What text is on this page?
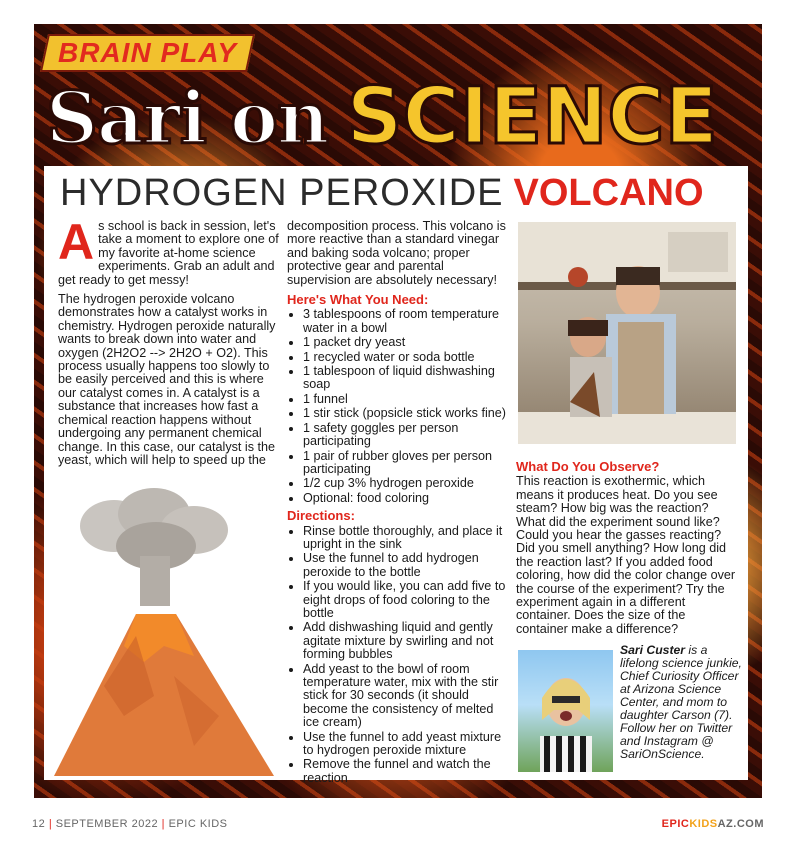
BRAIN PLAY
Sari on SCIENCE
HYDROGEN PEROXIDE VOLCANO

As school is back in session, let's take a moment to explore one of my favorite at-home science experiments. Grab an adult and get ready to get messy!

The hydrogen peroxide volcano demonstrates how a catalyst works in chemistry. Hydrogen peroxide naturally wants to break down into water and oxygen (2H2O2 --> 2H2O + O2). This process usually happens too slowly to be easily perceived and this is where our catalyst comes in. A catalyst is a substance that increases how fast a chemical reaction happens without undergoing any permanent chemical change. In this case, our catalyst is the yeast, which will help to speed up the

decomposition process. This volcano is more reactive than a standard vinegar and baking soda volcano; proper protective gear and parental supervision are absolutely necessary!

Here's What You Need:
• 3 tablespoons of room temperature water in a bowl
• 1 packet dry yeast
• 1 recycled water or soda bottle
• 1 tablespoon of liquid dishwashing soap
• 1 funnel
• 1 stir stick (popsicle stick works fine)
• 1 safety goggles per person participating
• 1 pair of rubber gloves per person participating
• 1/2 cup 3% hydrogen peroxide
• Optional: food coloring
Directions:
• Rinse bottle thoroughly, and place it upright in the sink
• Use the funnel to add hydrogen peroxide to the bottle
• If you would like, you can add five to eight drops of food coloring to the bottle
• Add dishwashing liquid and gently agitate mixture by swirling and not forming bubbles
• Add yeast to the bowl of room temperature water, mix with the stir stick for 30 seconds (it should become the consistency of melted ice cream)
• Use the funnel to add yeast mixture to hydrogen peroxide mixture
• Remove the funnel and watch the reaction
What Do You Observe?

This reaction is exothermic, which means it produces heat. Do you see steam? How big was the reaction? What did the experiment sound like? Could you hear the gasses reacting? Did you smell anything? How long did the reaction last? If you added food coloring, how did the color change over the course of the experiment? Try the experiment again in a different container. Does the size of the container make a difference?

Sari Custer is a lifelong science junkie, Chief Curiosity Officer at Arizona Science Center, and mom to daughter Carson (7). Follow her on Twitter and Instagram @ SariOnScience.
12 | SEPTEMBER 2022 | EPIC KIDS	EPICKIDSAZ.COM
